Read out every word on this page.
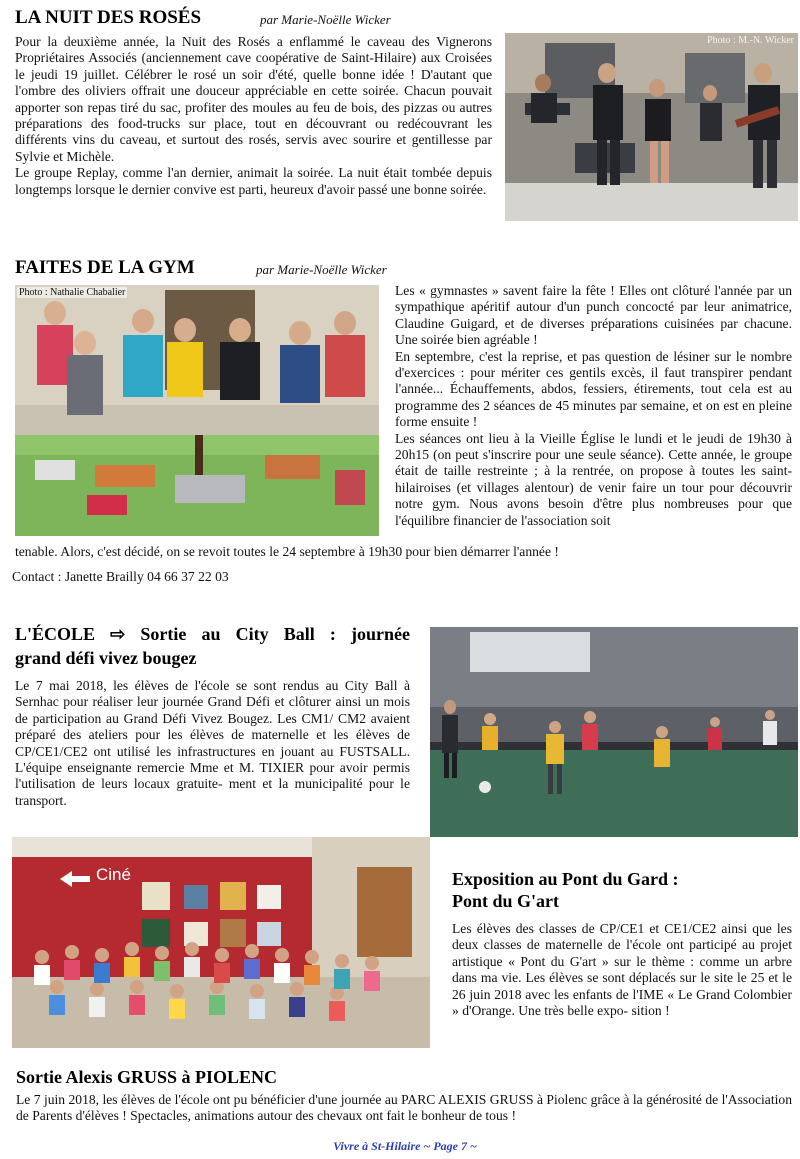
LA NUIT DES ROSÉS	par Marie-Noëlle Wicker

Pour la deuxième année, la Nuit des Rosés a enflammé le caveau des Vignerons Propriétaires Associés (anciennement cave coopérative de Saint-Hilaire) aux Croisées le jeudi 19 juillet. Célébrer le rosé un soir d'été, quelle bonne idée ! D'autant que l'ombre des oliviers offrait une douceur appréciable en cette soirée. Chacun pouvait apporter son repas tiré du sac, profiter des moules au feu de bois, des pizzas ou autres préparations des food-trucks sur place, tout en découvrant ou redécouvrant les différents vins du caveau, et surtout des rosés, servis avec sourire et gentillesse par Sylvie et Michèle.

Le groupe Replay, comme l'an dernier, animait la soirée. La nuit était tombée depuis longtemps lorsque le dernier convive est parti, heureux d'avoir passé une bonne soirée.

Photo : M.-N. Wicker
FAITES DE LA GYM	par Marie-Noëlle Wicker
Photo : Nathalie Chabalier	Les « gymnastes » savent faire la fête ! Elles ont clôturé l'année par un sympathique apéritif autour d'un punch concocté par leur animatrice, Claudine Guigard, et de diverses préparations cuisinées par chacune. Une soirée bien agréable !

En septembre, c'est la reprise, et pas question de lésiner sur le nombre d'exercices : pour mériter ces gentils excès, il faut transpirer pendant l'année... Échauffements, abdos, fessiers, étirements, tout cela est au programme des 2 séances de 45 minutes par semaine, et on est en pleine forme ensuite !

Les séances ont lieu à la Vieille Église le lundi et le jeudi de 19h30 à 20h15 (on peut s'inscrire pour une seule séance). Cette année, le groupe était de taille restreinte ; à la rentrée, on propose à toutes les saint-hilairoises (et villages alentour) de venir faire un tour pour découvrir notre gym. Nous avons besoin d'être plus nombreuses pour que l'équilibre financier de l'association soit

tenable. Alors, c'est décidé, on se revoit toutes le 24 septembre à 19h30 pour bien démarrer l'année !
Contact : Janette Brailly 04 66 37 22 03
L'ÉCOLE ⇨ Sortie au City Ball : journée
grand défi vivez bougez
Le 7 mai 2018, les élèves de l'école se sont rendus au City Ball à Sernhac pour réaliser leur journée Grand Défi et clôturer ainsi un mois de participation au Grand Défi Vivez Bougez. Les CM1/ CM2 avaient préparé des ateliers pour les élèves de maternelle et les élèves de CP/CE1/CE2 ont utilisé les infrastructures en jouant au FUSTSALL. L'équipe enseignante remercie Mme et M. TIXIER pour avoir permis l'utilisation de leurs locaux gratuite- ment et la municipalité pour le transport.
Ciné	Exposition au Pont du Gard :
Pont du G'art
Les élèves des classes de CP/CE1 et CE1/CE2 ainsi que les deux classes de maternelle de l'école ont participé au projet artistique « Pont du G'art » sur le thème : comme un arbre dans ma vie. Les élèves se sont déplacés sur le site le 25 et le 26 juin 2018 avec les enfants de l'IME « Le Grand Colombier » d'Orange. Une très belle expo- sition !
Sortie Alexis GRUSS à PIOLENC
Le 7 juin 2018, les élèves de l'école ont pu bénéficier d'une journée au PARC ALEXIS GRUSS à Piolenc grâce à la générosité de l'Association de Parents d'élèves ! Spectacles, animations autour des chevaux ont fait le bonheur de tous !
Vivre à St-Hilaire ~ Page 7 ~
